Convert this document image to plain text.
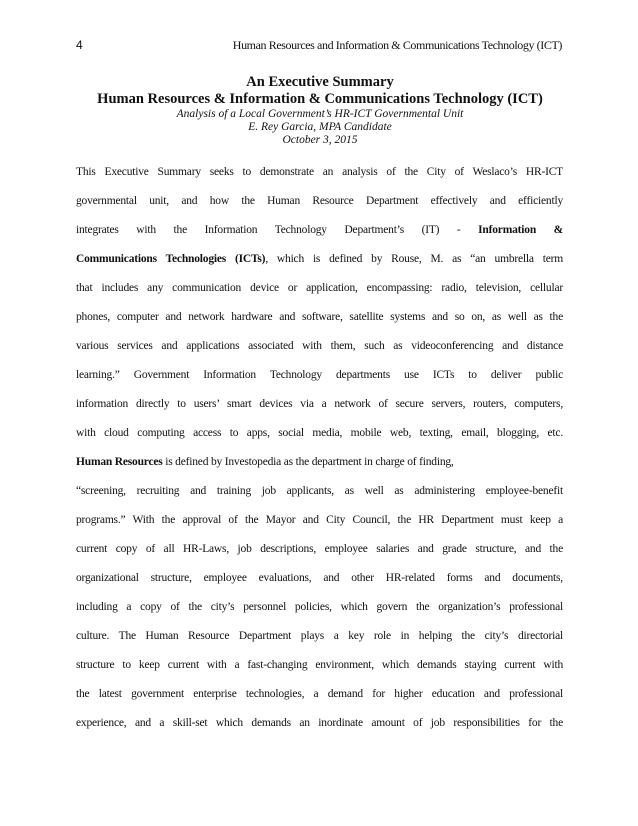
4	Human Resources and Information & Communications Technology (ICT)
An Executive Summary
Human Resources & Information & Communications Technology (ICT)
Analysis of a Local Government’s HR-ICT Governmental Unit
E. Rey Garcia, MPA Candidate
October 3, 2015
This Executive Summary seeks to demonstrate an analysis of the City of Weslaco’s HR-ICT
governmental unit, and how the Human Resource Department effectively and efficiently
integrates with the Information Technology Department’s (IT) - Information &
Communications Technologies (ICTs), which is defined by Rouse, M. as “an umbrella term
that includes any communication device or application, encompassing: radio, television, cellular
phones, computer and network hardware and software, satellite systems and so on, as well as the
various services and applications associated with them, such as videoconferencing and distance
learning.” Government Information Technology departments use ICTs to deliver public
information directly to users’ smart devices via a network of secure servers, routers, computers,
with cloud computing access to apps, social media, mobile web, texting, email, blogging, etc.
Human Resources is defined by Investopedia as the department in charge of finding,
“screening, recruiting and training job applicants, as well as administering employee-benefit
programs.” With the approval of the Mayor and City Council, the HR Department must keep a
current copy of all HR-Laws, job descriptions, employee salaries and grade structure, and the
organizational structure, employee evaluations, and other HR-related forms and documents,
including a copy of the city’s personnel policies, which govern the organization’s professional
culture. The Human Resource Department plays a key role in helping the city’s directorial
structure to keep current with a fast-changing environment, which demands staying current with
the latest government enterprise technologies, a demand for higher education and professional
experience, and a skill-set which demands an inordinate amount of job responsibilities for the
